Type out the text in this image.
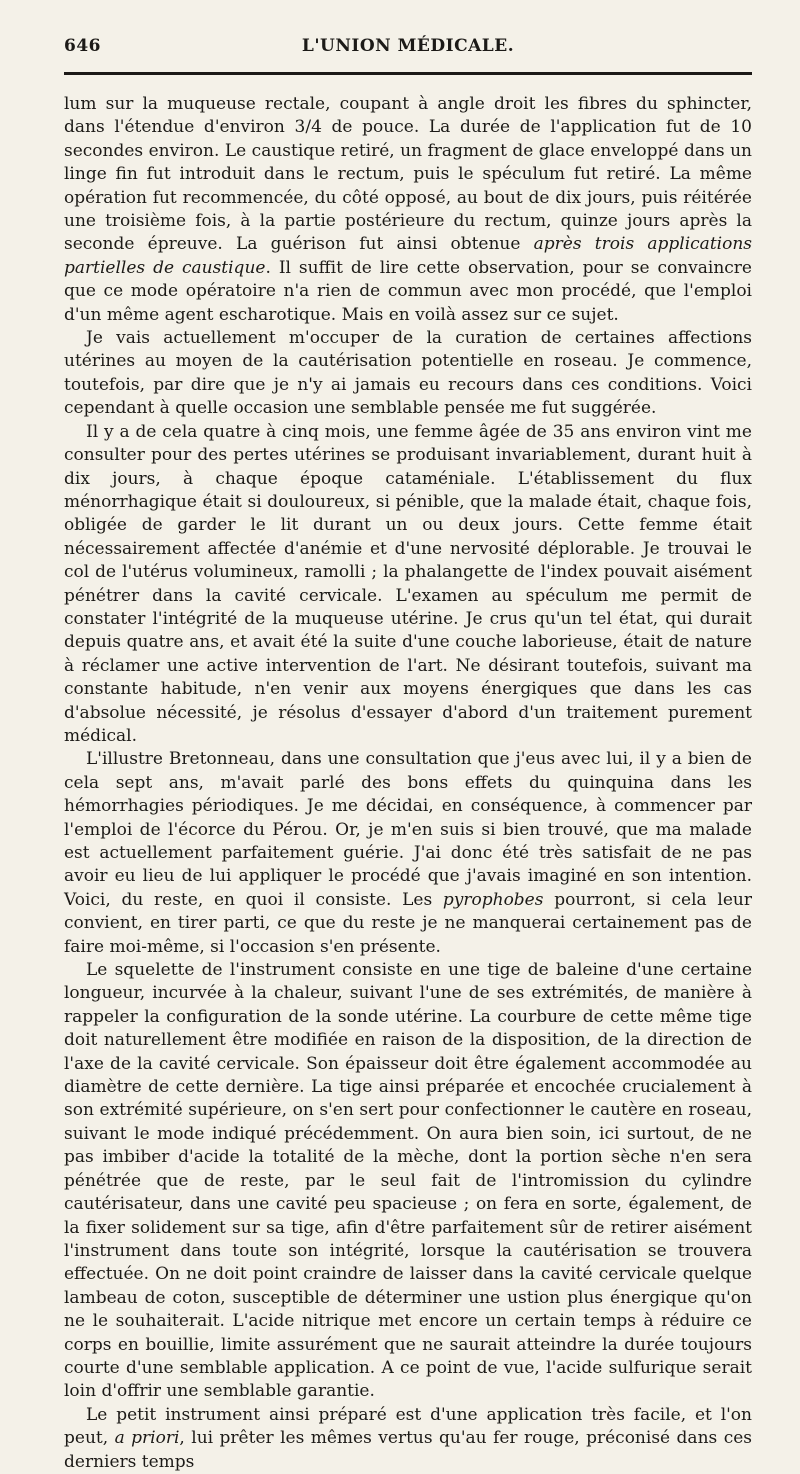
646	L'UNION MÉDICALE.

lum sur la muqueuse rectale, coupant à angle droit les fibres du sphincter, dans l'étendue d'environ 3/4 de pouce. La durée de l'application fut de 10 secondes environ. Le caustique retiré, un fragment de glace enveloppé dans un linge fin fut introduit dans le rectum, puis le spéculum fut retiré. La même opération fut recommencée, du côté opposé, au bout de dix jours, puis réitérée une troisième fois, à la partie postérieure du rectum, quinze jours après la seconde épreuve. La guérison fut ainsi obtenue après trois applications partielles de caustique. Il suffit de lire cette observation, pour se convaincre que ce mode opératoire n'a rien de commun avec mon procédé, que l'emploi d'un même agent escharotique. Mais en voilà assez sur ce sujet.

Je vais actuellement m'occuper de la curation de certaines affections utérines au moyen de la cautérisation potentielle en roseau. Je commence, toutefois, par dire que je n'y ai jamais eu recours dans ces conditions. Voici cependant à quelle occasion une semblable pensée me fut suggérée.

Il y a de cela quatre à cinq mois, une femme âgée de 35 ans environ vint me consulter pour des pertes utérines se produisant invariablement, durant huit à dix jours, à chaque époque cataméniale. L'établissement du flux ménorrhagique était si douloureux, si pénible, que la malade était, chaque fois, obligée de garder le lit durant un ou deux jours. Cette femme était nécessairement affectée d'anémie et d'une nervosité déplorable. Je trouvai le col de l'utérus volumineux, ramolli ; la phalangette de l'index pouvait aisément pénétrer dans la cavité cervicale. L'examen au spéculum me permit de constater l'intégrité de la muqueuse utérine. Je crus qu'un tel état, qui durait depuis quatre ans, et avait été la suite d'une couche laborieuse, était de nature à réclamer une active intervention de l'art. Ne désirant toutefois, suivant ma constante habitude, n'en venir aux moyens énergiques que dans les cas d'absolue nécessité, je résolus d'essayer d'abord d'un traitement purement médical.

L'illustre Bretonneau, dans une consultation que j'eus avec lui, il y a bien de cela sept ans, m'avait parlé des bons effets du quinquina dans les hémorrhagies périodiques. Je me décidai, en conséquence, à commencer par l'emploi de l'écorce du Pérou. Or, je m'en suis si bien trouvé, que ma malade est actuellement parfaitement guérie. J'ai donc été très satisfait de ne pas avoir eu lieu de lui appliquer le procédé que j'avais imaginé en son intention. Voici, du reste, en quoi il consiste. Les pyrophobes pourront, si cela leur convient, en tirer parti, ce que du reste je ne manquerai certainement pas de faire moi-même, si l'occasion s'en présente.

Le squelette de l'instrument consiste en une tige de baleine d'une certaine longueur, incurvée à la chaleur, suivant l'une de ses extrémités, de manière à rappeler la configuration de la sonde utérine. La courbure de cette même tige doit naturellement être modifiée en raison de la disposition, de la direction de l'axe de la cavité cervicale. Son épaisseur doit être également accommodée au diamètre de cette dernière. La tige ainsi préparée et encochée crucialement à son extrémité supérieure, on s'en sert pour confectionner le cautère en roseau, suivant le mode indiqué précédemment. On aura bien soin, ici surtout, de ne pas imbiber d'acide la totalité de la mèche, dont la portion sèche n'en sera pénétrée que de reste, par le seul fait de l'intromission du cylindre cautérisateur, dans une cavité peu spacieuse ; on fera en sorte, également, de la fixer solidement sur sa tige, afin d'être parfaitement sûr de retirer aisément l'instrument dans toute son intégrité, lorsque la cautérisation se trouvera effectuée. On ne doit point craindre de laisser dans la cavité cervicale quelque lambeau de coton, susceptible de déterminer une ustion plus énergique qu'on ne le souhaiterait. L'acide nitrique met encore un certain temps à réduire ce corps en bouillie, limite assurément que ne saurait atteindre la durée toujours courte d'une semblable application. A ce point de vue, l'acide sulfurique serait loin d'offrir une semblable garantie.

Le petit instrument ainsi préparé est d'une application très facile, et l'on peut, a priori, lui prêter les mêmes vertus qu'au fer rouge, préconisé dans ces derniers temps
